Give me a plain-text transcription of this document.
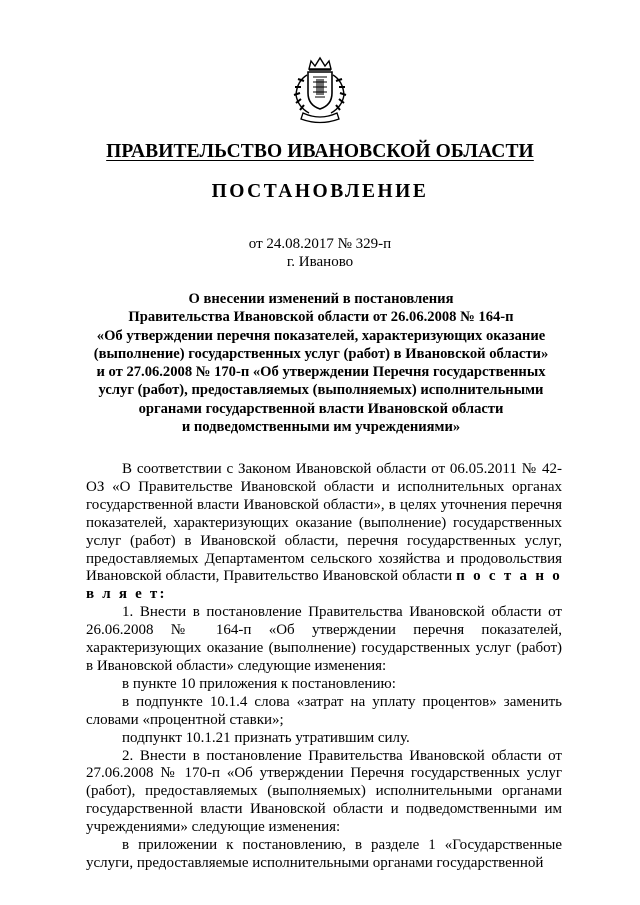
ПРАВИТЕЛЬСТВО ИВАНОВСКОЙ ОБЛАСТИ
ПОСТАНОВЛЕНИЕ
от 24.08.2017 № 329-п
г. Иваново
О внесении изменений в постановления
Правительства Ивановской области от 26.06.2008 № 164-п
«Об утверждении перечня показателей, характеризующих оказание
(выполнение) государственных услуг (работ) в Ивановской области»
и от 27.06.2008 № 170-п «Об утверждении Перечня государственных
услуг (работ), предоставляемых (выполняемых) исполнительными
органами государственной власти Ивановской области
и подведомственными им учреждениями»

В соответствии с Законом Ивановской области от 06.05.2011 № 42-ОЗ «О Правительстве Ивановской области и исполнительных органах государственной власти Ивановской области», в целях уточнения перечня показателей, характеризующих оказание (выполнение) государственных услуг (работ) в Ивановской области, перечня государственных услуг, предоставляемых Департаментом сельского хозяйства и продовольствия Ивановской области, Правительство Ивановской области п о с т а н о в л я е т:

1. Внести в постановление Правительства Ивановской области от 26.06.2008 № 164-п «Об утверждении перечня показателей, характеризующих оказание (выполнение) государственных услуг (работ) в Ивановской области» следующие изменения:

в пункте 10 приложения к постановлению:

в подпункте 10.1.4 слова «затрат на уплату процентов» заменить словами «процентной ставки»;

подпункт 10.1.21 признать утратившим силу.

2. Внести в постановление Правительства Ивановской области от 27.06.2008 № 170-п «Об утверждении Перечня государственных услуг (работ), предоставляемых (выполняемых) исполнительными органами государственной власти Ивановской области и подведомственными им учреждениями» следующие изменения:

в приложении к постановлению, в разделе 1 «Государственные услуги, предоставляемые исполнительными органами государственной
